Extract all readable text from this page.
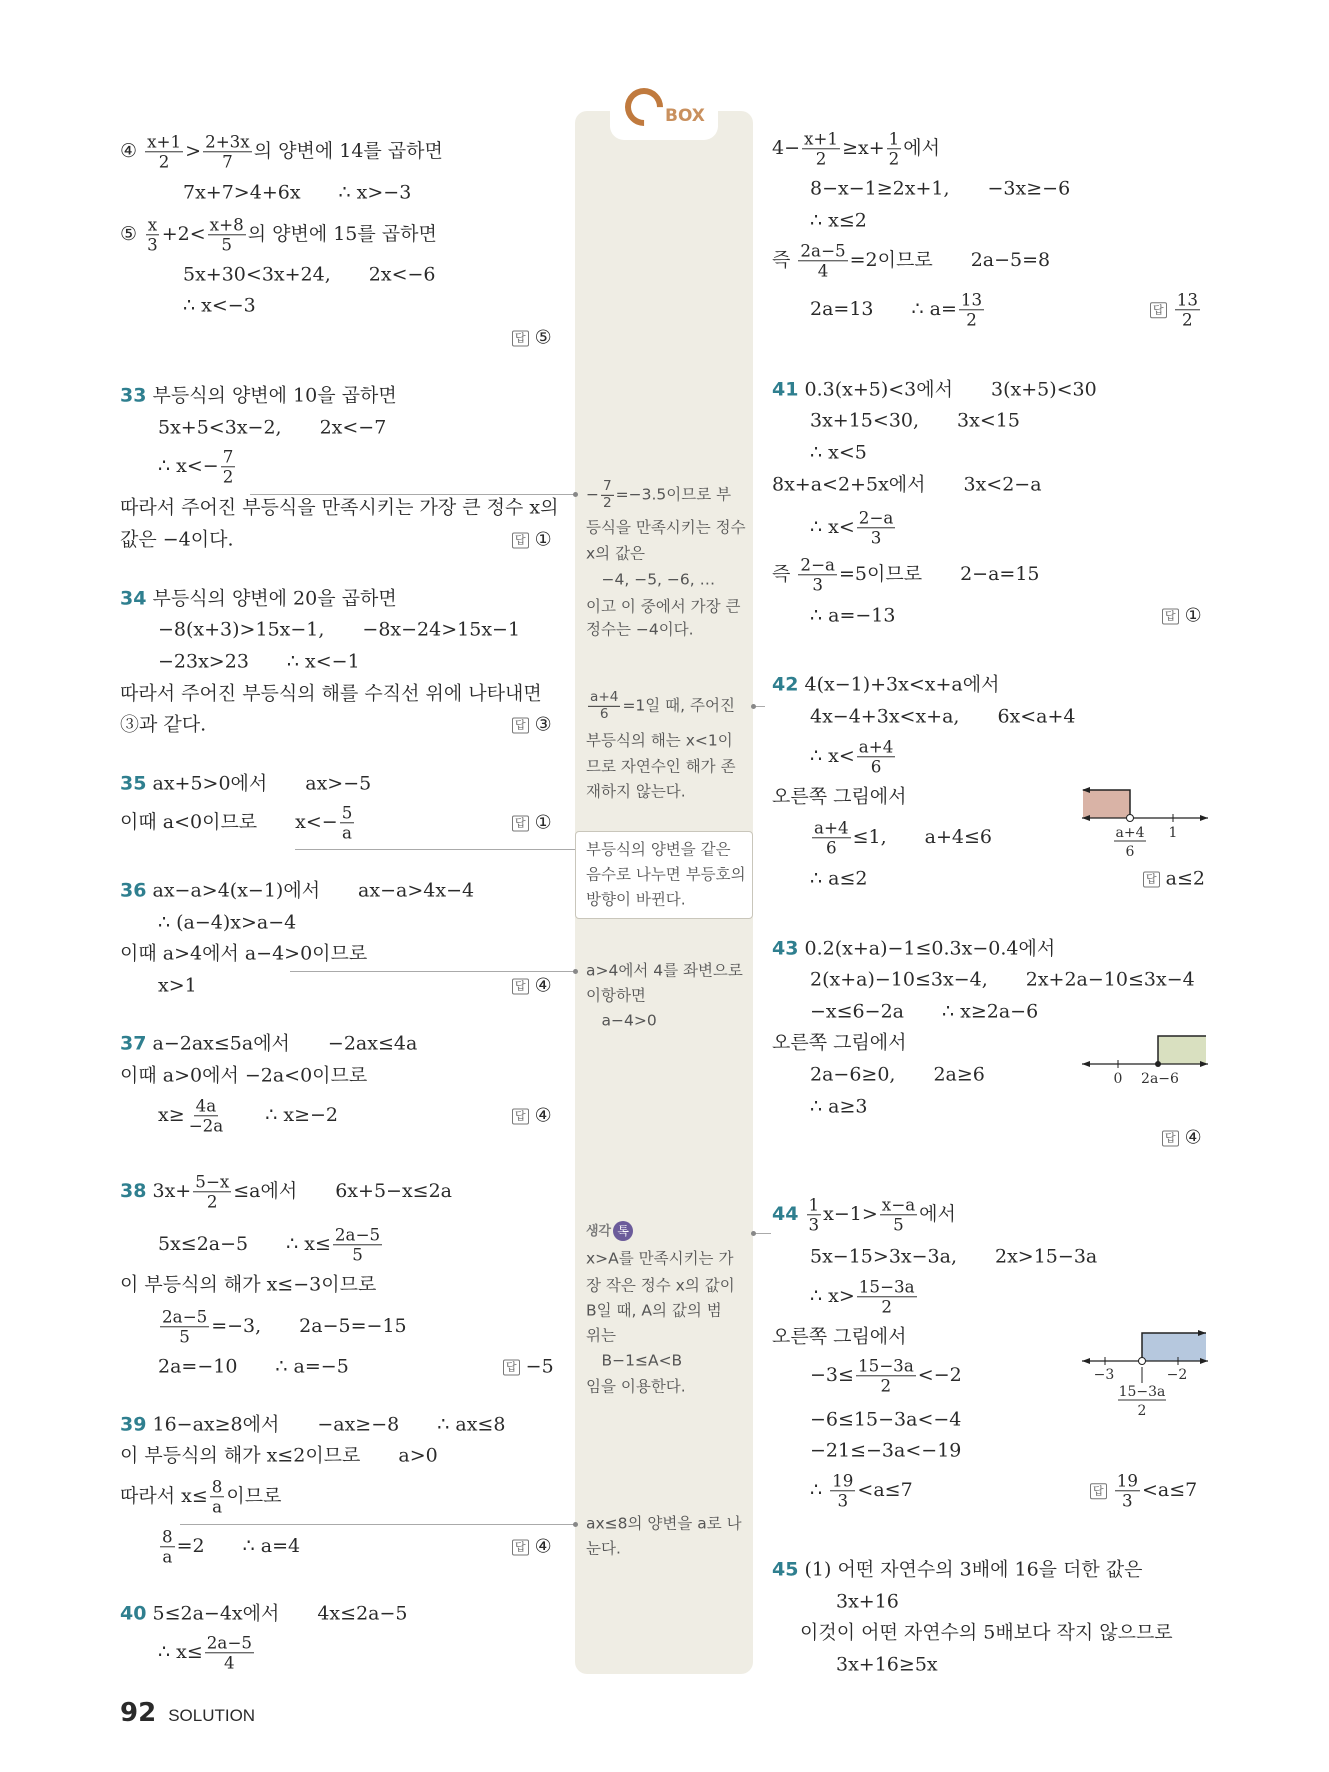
BOX
④ $\frac{x+1}{2} > \frac{2+3x}{7}$ 의 양변에 14를 곱하면
7x+7>4+6x  ∴ x>−3
⑤ $\frac{x}{3} +2< \frac{x+8}{5}$ 의 양변에 15를 곱하면
5x+30<3x+24,  2x<−6
∴ x<−3
답 ⑤
33 부등식의 양변에 10을 곱하면
5x+5<3x−2,  2x<−7
∴ $x<- \frac{7}{2}$
따라서 주어진 부등식을 만족시키는 가장 큰 정수 x의
값은 −4이다.	답 ①
34 부등식의 양변에 20을 곱하면
−8(x+3)>15x−1,  −8x−24>15x−1
−23x>23  ∴ x<−1
따라서 주어진 부등식의 해를 수직선 위에 나타내면
③과 같다.	답 ③
35 ax+5>0에서  ax>−5
이때 a<0이므로  $x<- \frac{5}{a}$	답 ①
36 ax−a>4(x−1)에서  ax−a>4x−4
∴ (a−4)x>a−4
이때 a>4에서 a−4>0이므로
x>1	답 ④
37 a−2ax≤5a에서  −2ax≤4a
이때 a>0에서 −2a<0이므로
$x\ge \frac{4a}{-2a}$   ∴ x≥−2	답 ④
38 $3x+ \frac{5-x}{2} \le a$에서  6x+5−x≤2a
5x≤2a−5  ∴ $x\le \frac{2a-5}{5}$
이 부등식의 해가 x≤−3이므로
$\frac{2a-5}{5} =-3$,  2a−5=−15
2a=−10  ∴ a=−5	답 −5
39 16−ax≥8에서  −ax≥−8  ∴ ax≤8
이 부등식의 해가 x≤2이므로  a>0
따라서 $x\le \frac{8}{a}$ 이므로
$\frac{8}{a} =2$  ∴ a=4	답 ④
40 5≤2a−4x에서  4x≤2a−5
∴ $x\le \frac{2a-5}{4}$
$4- \frac{x+1}{2} \ge x+ \frac{1}{2}$ 에서
8−x−1≥2x+1,  −3x≥−6
∴ x≤2
즉 $\frac{2a-5}{4} =2$이므로  2a−5=8
2a=13  ∴ $a= \frac{13}{2}$	답 $\frac{13}{2}$
41 0.3(x+5)<3에서  3(x+5)<30
3x+15<30,  3x<15
∴ x<5
8x+a<2+5x에서  3x<2−a
∴ $x< \frac{2-a}{3}$
즉 $\frac{2-a}{3} =5$이므로  2−a=15
∴ a=−13	답 ①
42 4(x−1)+3x<x+a에서
4x−4+3x<x+a,  6x<a+4
∴ $x< \frac{a+4}{6}$
오른쪽 그림에서
$\frac{a+4}{6} \le 1$,  a+4≤6
∴ a≤2	답 a≤2
43 0.2(x+a)−1≤0.3x−0.4에서
2(x+a)−10≤3x−4,  2x+2a−10≤3x−4
−x≤6−2a  ∴ x≥2a−6
오른쪽 그림에서
2a−6≥0,  2a≥6
∴ a≥3
답 ④
$44 \frac{1}{3} x-1> \frac{x-a}{5}$ 에서
5x−15>3x−3a,  2x>15−3a
∴ $x> \frac{15-3a}{2}$
오른쪽 그림에서
$-3\le \frac{15-3a}{2} <-2$
−6≤15−3a<−4
−21≤−3a<−19
∴ $\frac{19}{3} <a\le 7$	답 $\frac{19}{3} <a\le 7$
45 (1) 어떤 자연수의 3배에 16을 더한 값은
3x+16
이것이 어떤 자연수의 5배보다 작지 않으므로
3x+16≥5x
− $\frac{7}{2} =-3.5$이므로 부
등식을 만족시키는 정수
x의 값은
 −4, −5, −6, …
이고 이 중에서 가장 큰
정수는 −4이다.
$\frac{a+4}{6} =1$일 때, 주어진
부등식의 해는 x<1이
므로 자연수인 해가 존
재하지 않는다.
부등식의 양변을 같은
음수로 나누면 부등호의
방향이 바뀐다.
a>4에서 4를 좌변으로
이항하면
 a−4>0
생각 톡
x>A를 만족시키는 가
장 작은 정수 x의 값이
B일 때, A의 값의 범
위는
 B−1≤A<B
임을 이용한다.
ax≤8의 양변을 a로 나
눈다.
a+4
6
1
0 2a−6
−3	−2
15−3a
2
92 SOLUTION
